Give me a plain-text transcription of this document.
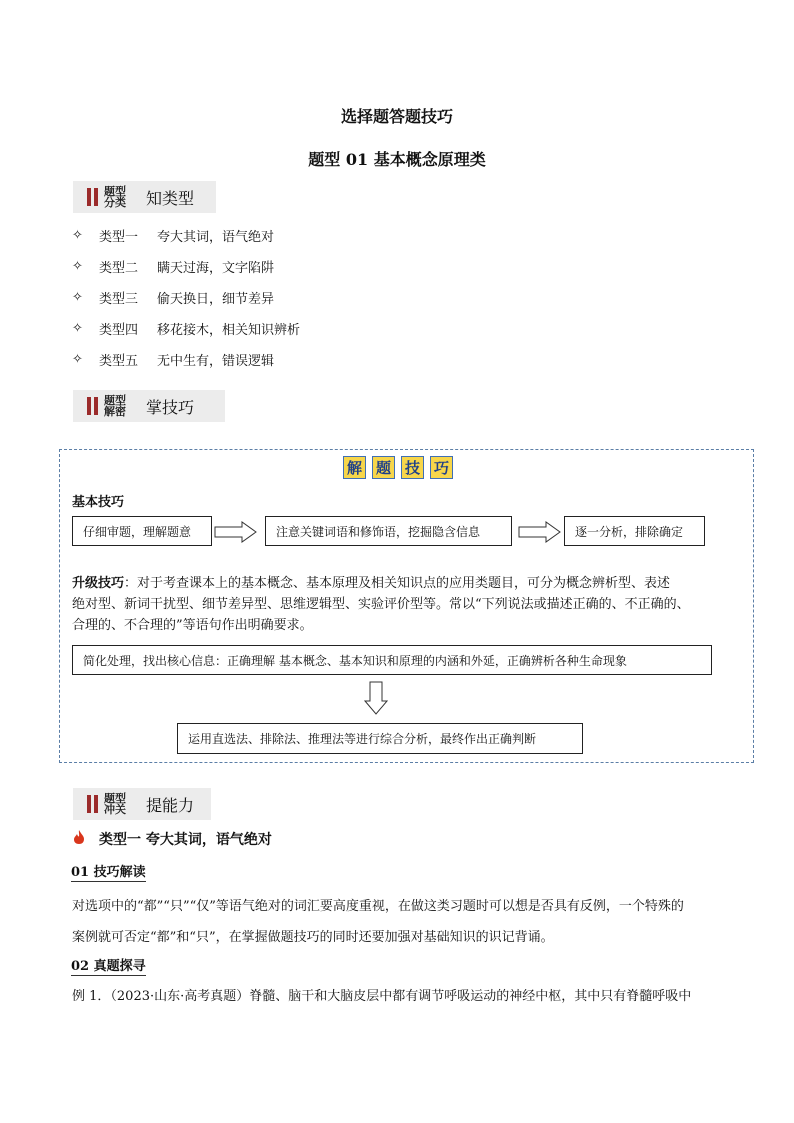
选择题答题技巧
题型 01 基本概念原理类
题型
分类 知类型
✧ 类型一	夸大其词，语气绝对
✧ 类型二	瞒天过海，文字陷阱
✧ 类型三	偷天换日，细节差异
✧ 类型四	移花接木，相关知识辨析
✧ 类型五	无中生有，错误逻辑
题型
解密 掌技巧
解 题 技 巧
基本技巧
仔细审题，理解题意	注意关键词语和修饰语，挖掘隐含信息	逐一分析，排除确定
升级技巧：对于考查课本上的基本概念、基本原理及相关知识点的应用类题目，可分为概念辨析型、表述
绝对型、新词干扰型、细节差异型、思维逻辑型、实验评价型等。常以“下列说法或描述正确的、不正确的、
合理的、不合理的”等语句作出明确要求。
简化处理，找出核心信息：正确理解 基本概念、基本知识和原理的内涵和外延，正确辨析各种生命现象
运用直选法、排除法、推理法等进行综合分析，最终作出正确判断
题型
冲关 提能力
类型一 夸大其词，语气绝对
01 技巧解读
对选项中的“都”“只”“仅”等语气绝对的词汇要高度重视，在做这类习题时可以想是否具有反例，一个特殊的
案例就可否定“都”和“只”，在掌握做题技巧的同时还要加强对基础知识的识记背诵。
02 真题探寻
例 1．（2023·山东·高考真题）脊髓、脑干和大脑皮层中都有调节呼吸运动的神经中枢，其中只有脊髓呼吸中
